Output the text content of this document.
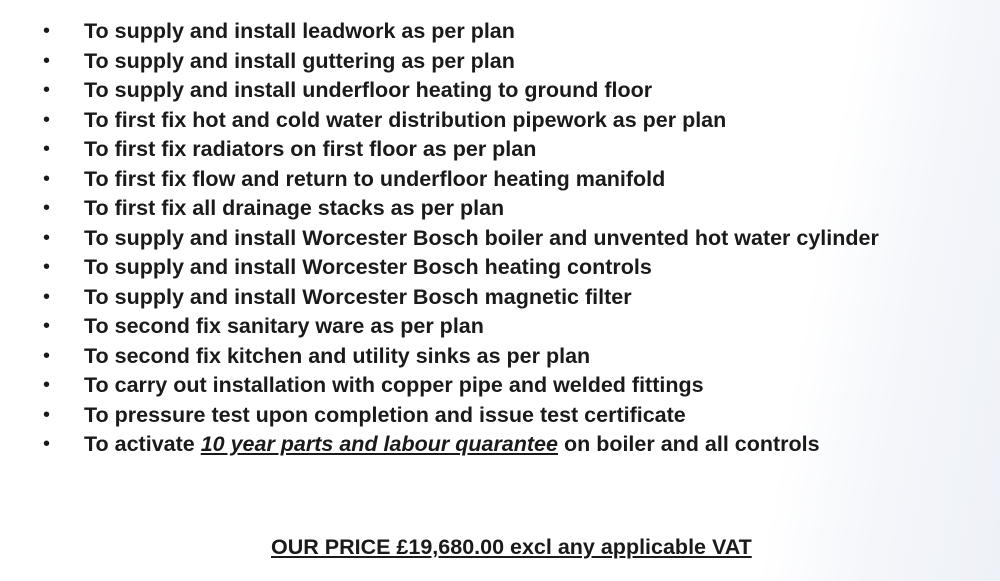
• To supply and install leadwork as per plan
• To supply and install guttering as per plan
• To supply and install underfloor heating to ground floor
• To first fix hot and cold water distribution pipework as per plan
• To first fix radiators on first floor as per plan
• To first fix flow and return to underfloor heating manifold
• To first fix all drainage stacks as per plan
• To supply and install Worcester Bosch boiler and unvented hot water cylinder
• To supply and install Worcester Bosch heating controls
• To supply and install Worcester Bosch magnetic filter
• To second fix sanitary ware as per plan
• To second fix kitchen and utility sinks as per plan
• To carry out installation with copper pipe and welded fittings
• To pressure test upon completion and issue test certificate
• To activate 10 year parts and labour quarantee on boiler and all controls
OUR PRICE £19,680.00 excl any applicable VAT
